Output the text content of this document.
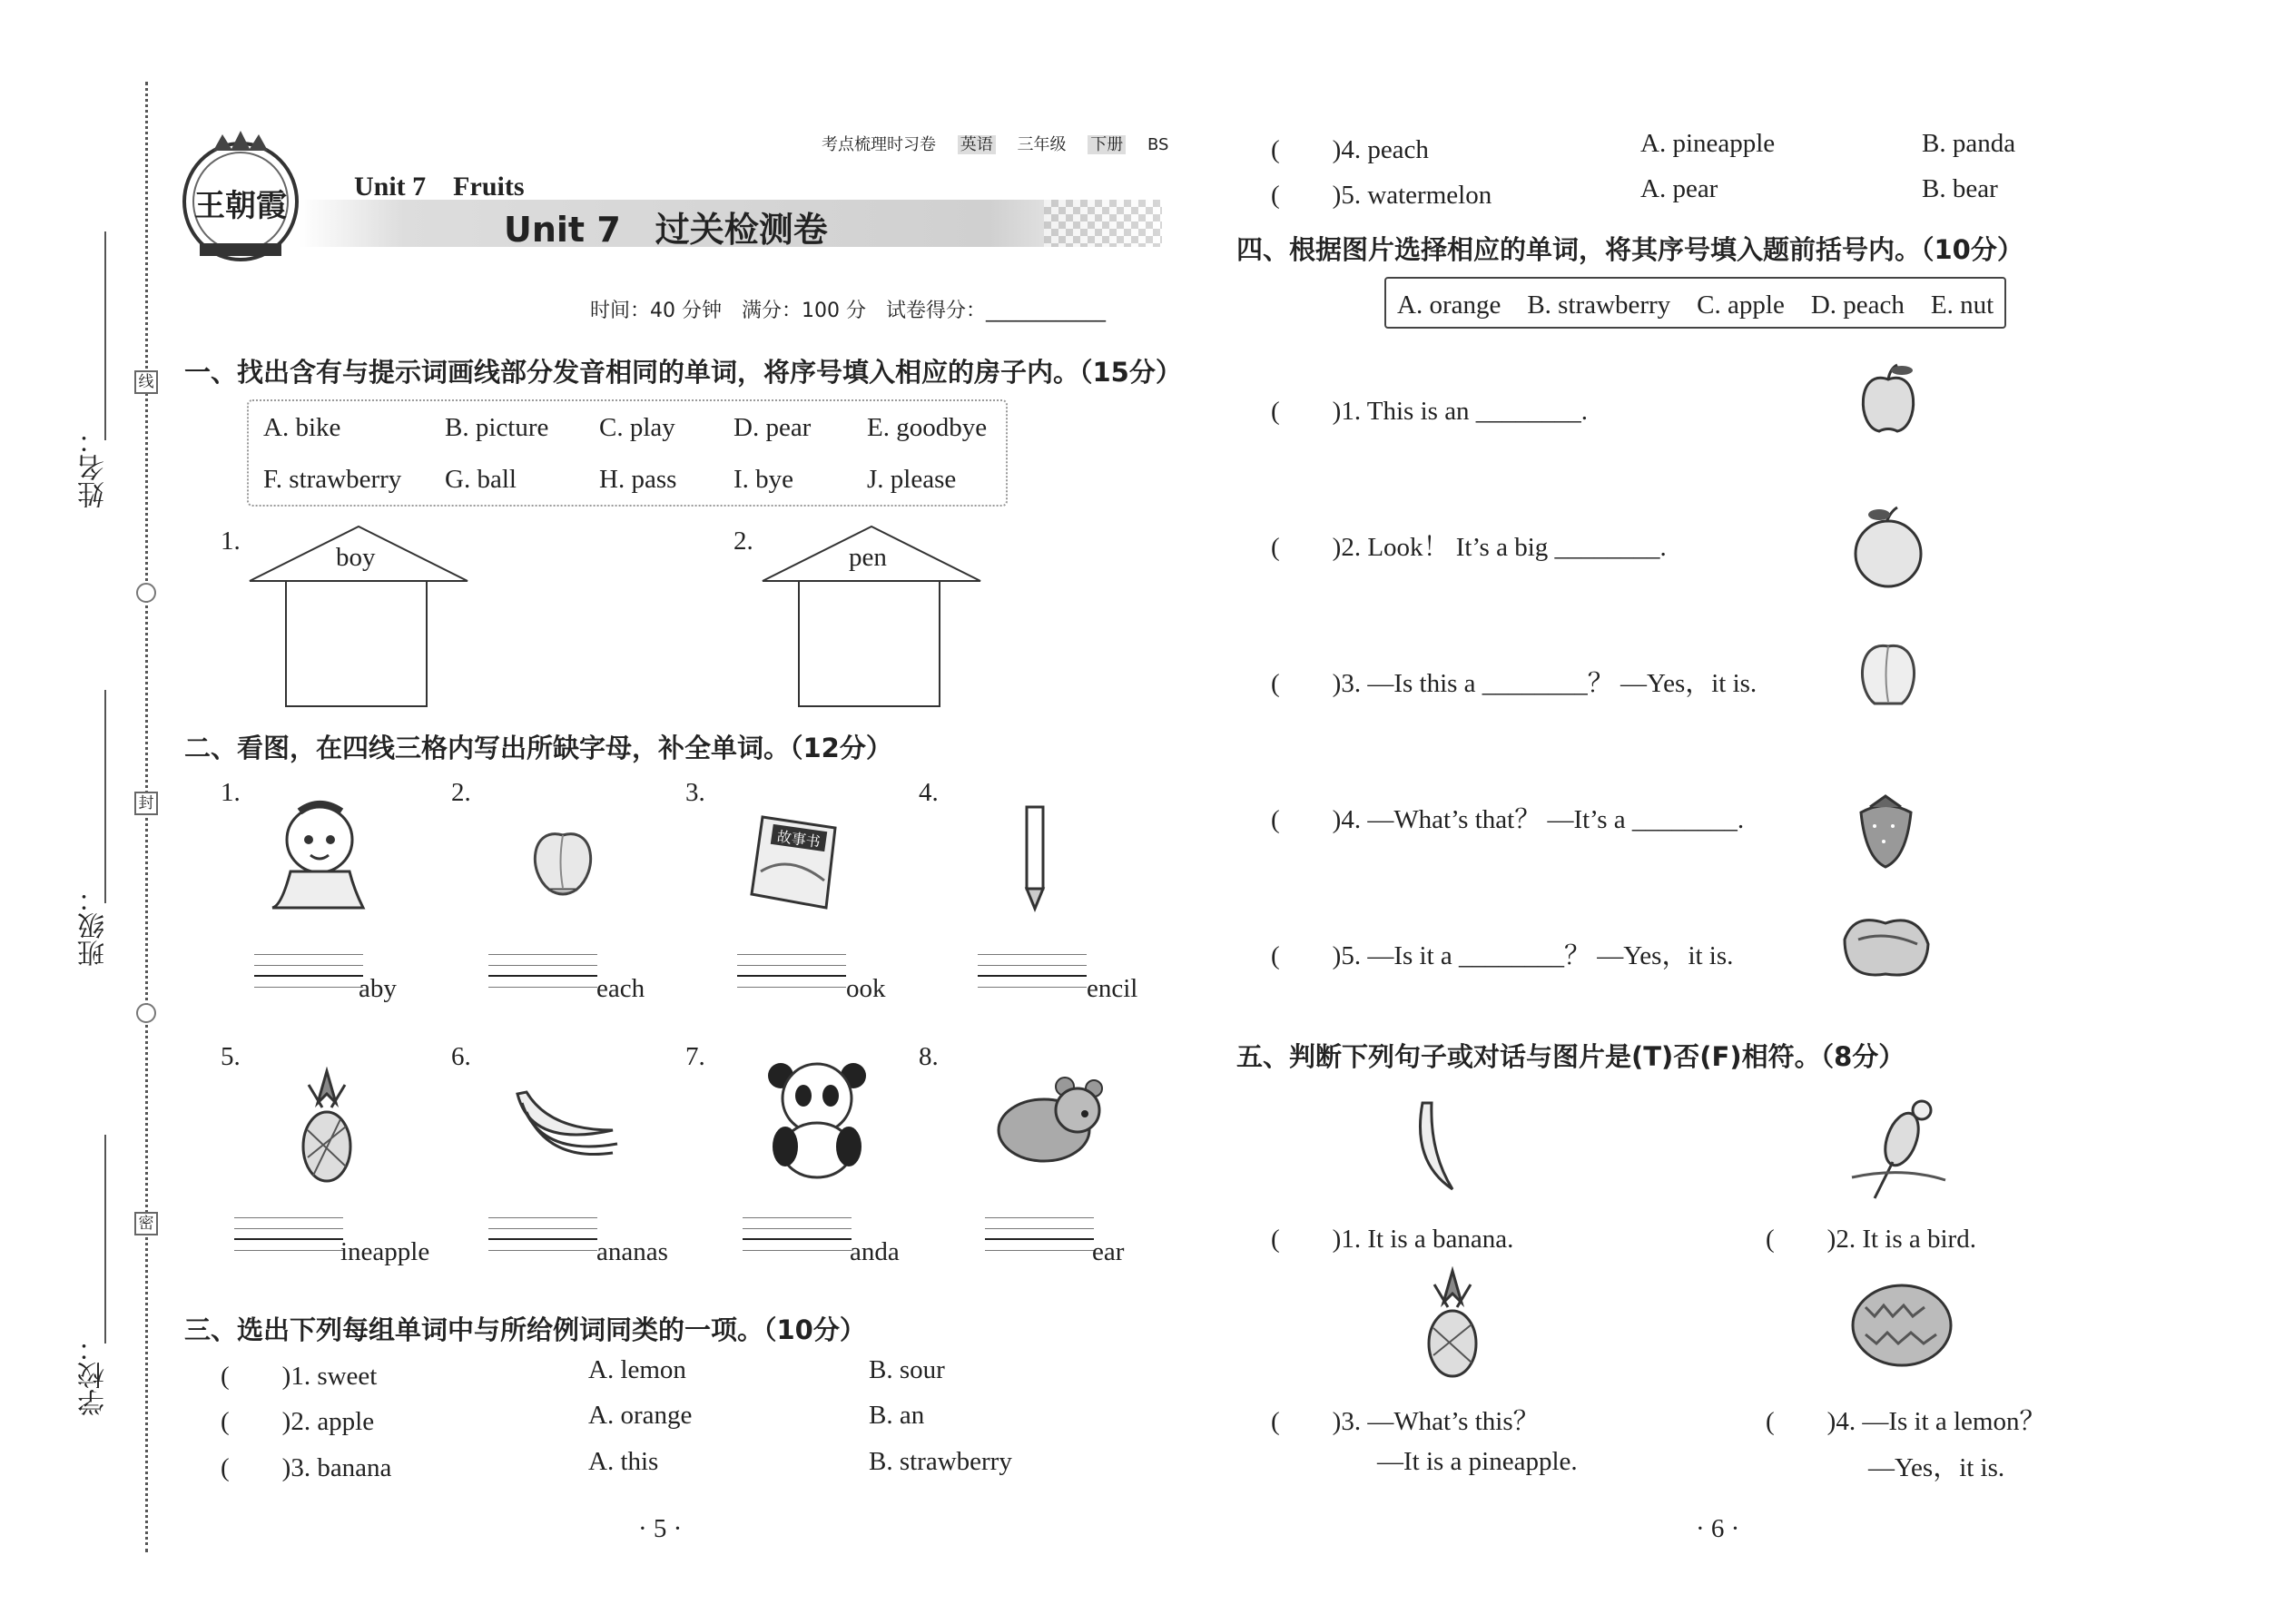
姓名：
班级：
学校：
线
封
密
王朝霞
考点梳理时习卷　 英语　 三年级　 下册　 BS
Unit 7　Fruits
Unit 7　过关检测卷
时间：40 分钟　满分：100 分　试卷得分：____________
一、找出含有与提示词画线部分发音相同的单词，将序号填入相应的房子内。（15分）
A. bike	B. picture C. play D. pear E. goodbye
F. strawberry G. ball	H. pass I. bye	J. please
1.
boy
2.
pen
二、看图，在四线三格内写出所缺字母，补全单词。（12分）
1.	2.	3.
故事书
4.
aby	each	ook	encil
5.	6.	7.	8.
ineapple	ananas	anda	ear
三、选出下列每组单词中与所给例词同类的一项。（10分）
(　　)1. sweet	A. lemon	B. sour
(　　)2. apple	A. orange	B. an
(　　)3. banana	A. this	B. strawberry
· 5 ·
(　　)4. peach	A. pineapple	B. panda
(　　)5. watermelon	A. pear	B. bear
四、根据图片选择相应的单词，将其序号填入题前括号内。（10分）
A. orange　B. strawberry　C. apple　D. peach　E. nut
(　　)1. This is an ________.
(　　)2. Look！ It’s a big ________.
(　　)3. —Is this a ________？ —Yes，it is.
(　　)4. —What’s that？ —It’s a ________.
(　　)5. —Is it a ________？ —Yes，it is.
五、判断下列句子或对话与图片是(T)否(F)相符。（8分）
(　　)1. It is a banana.	(　　)2. It is a bird.
(　　)3. —What’s this？
—It is a pineapple.
(　　)4. —Is it a lemon？
—Yes，it is.
· 6 ·
